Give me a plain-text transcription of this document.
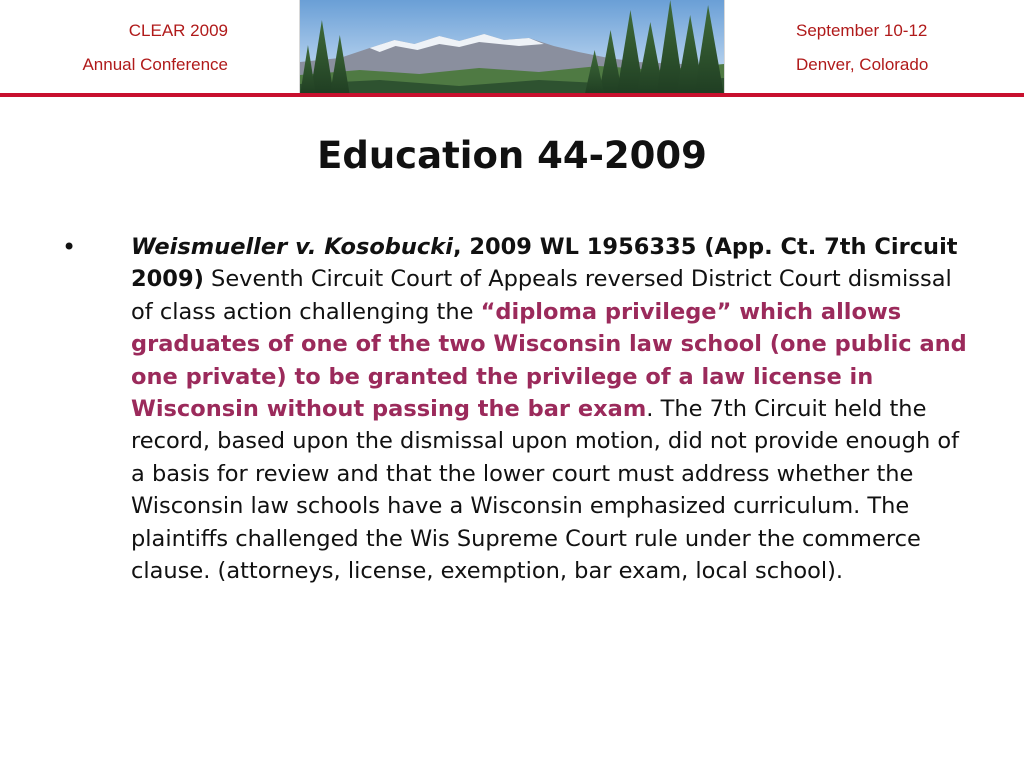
CLEAR 2009
Annual Conference
September 10-12
Denver, Colorado
Education 44-2009
• Weismueller v. Kosobucki, 2009 WL 1956335 (App. Ct. 7th Circuit 2009) Seventh Circuit Court of Appeals reversed District Court dismissal of class action challenging the “diploma privilege” which allows graduates of one of the two Wisconsin law school (one public and one private) to be granted the privilege of a law license in Wisconsin without passing the bar exam. The 7th Circuit held the record, based upon the dismissal upon motion, did not provide enough of a basis for review and that the lower court must address whether the Wisconsin law schools have a Wisconsin emphasized curriculum. The plaintiffs challenged the Wis Supreme Court rule under the commerce clause. (attorneys, license, exemption, bar exam, local school).
